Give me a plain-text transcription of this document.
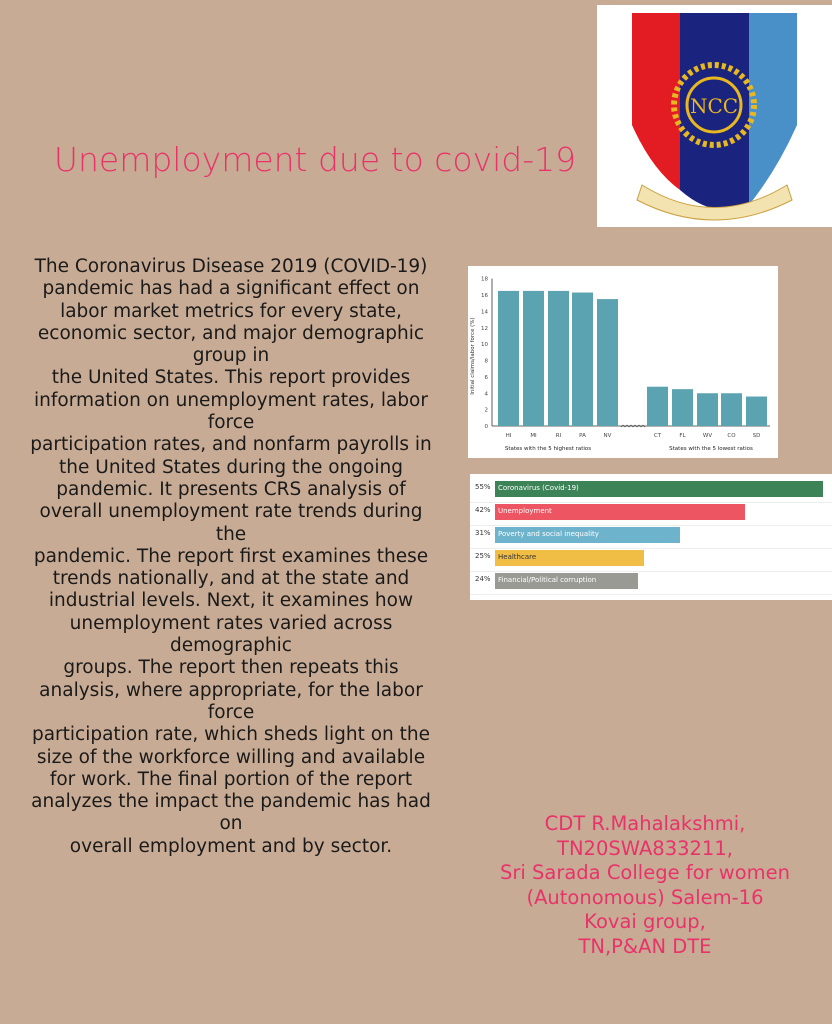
NCC
Unemployment due to covid-19
The Coronavirus Disease 2019 (COVID-19)
pandemic has had a significant effect on
labor market metrics for every state,
economic sector, and major demographic
group in
the United States. This report provides
information on unemployment rates, labor
force
participation rates, and nonfarm payrolls in
the United States during the ongoing
pandemic. It presents CRS analysis of
overall unemployment rate trends during
the
pandemic. The report first examines these
trends nationally, and at the state and
industrial levels. Next, it examines how
unemployment rates varied across
demographic
groups. The report then repeats this
analysis, where appropriate, for the labor
force
participation rate, which sheds light on the
size of the workforce willing and available
for work. The final portion of the report
analyzes the impact the pandemic has had
on
overall employment and by sector.
0
2
4
6
8
10
12
14
16
18
Initial claims/labor force (%)
HI	MI	RI	PA	NV	CT	FL	WV	CO	SD
States with the 5 highest ratios	States with the 5 lowest ratios
55% Coronavirus (Covid-19)
42% Unemployment
31% Poverty and social inequality
25% Healthcare
24% Financial/Political corruption
CDT R.Mahalakshmi,
TN20SWA833211,
Sri Sarada College for women
(Autonomous) Salem-16
Kovai group,
TN,P&AN DTE
